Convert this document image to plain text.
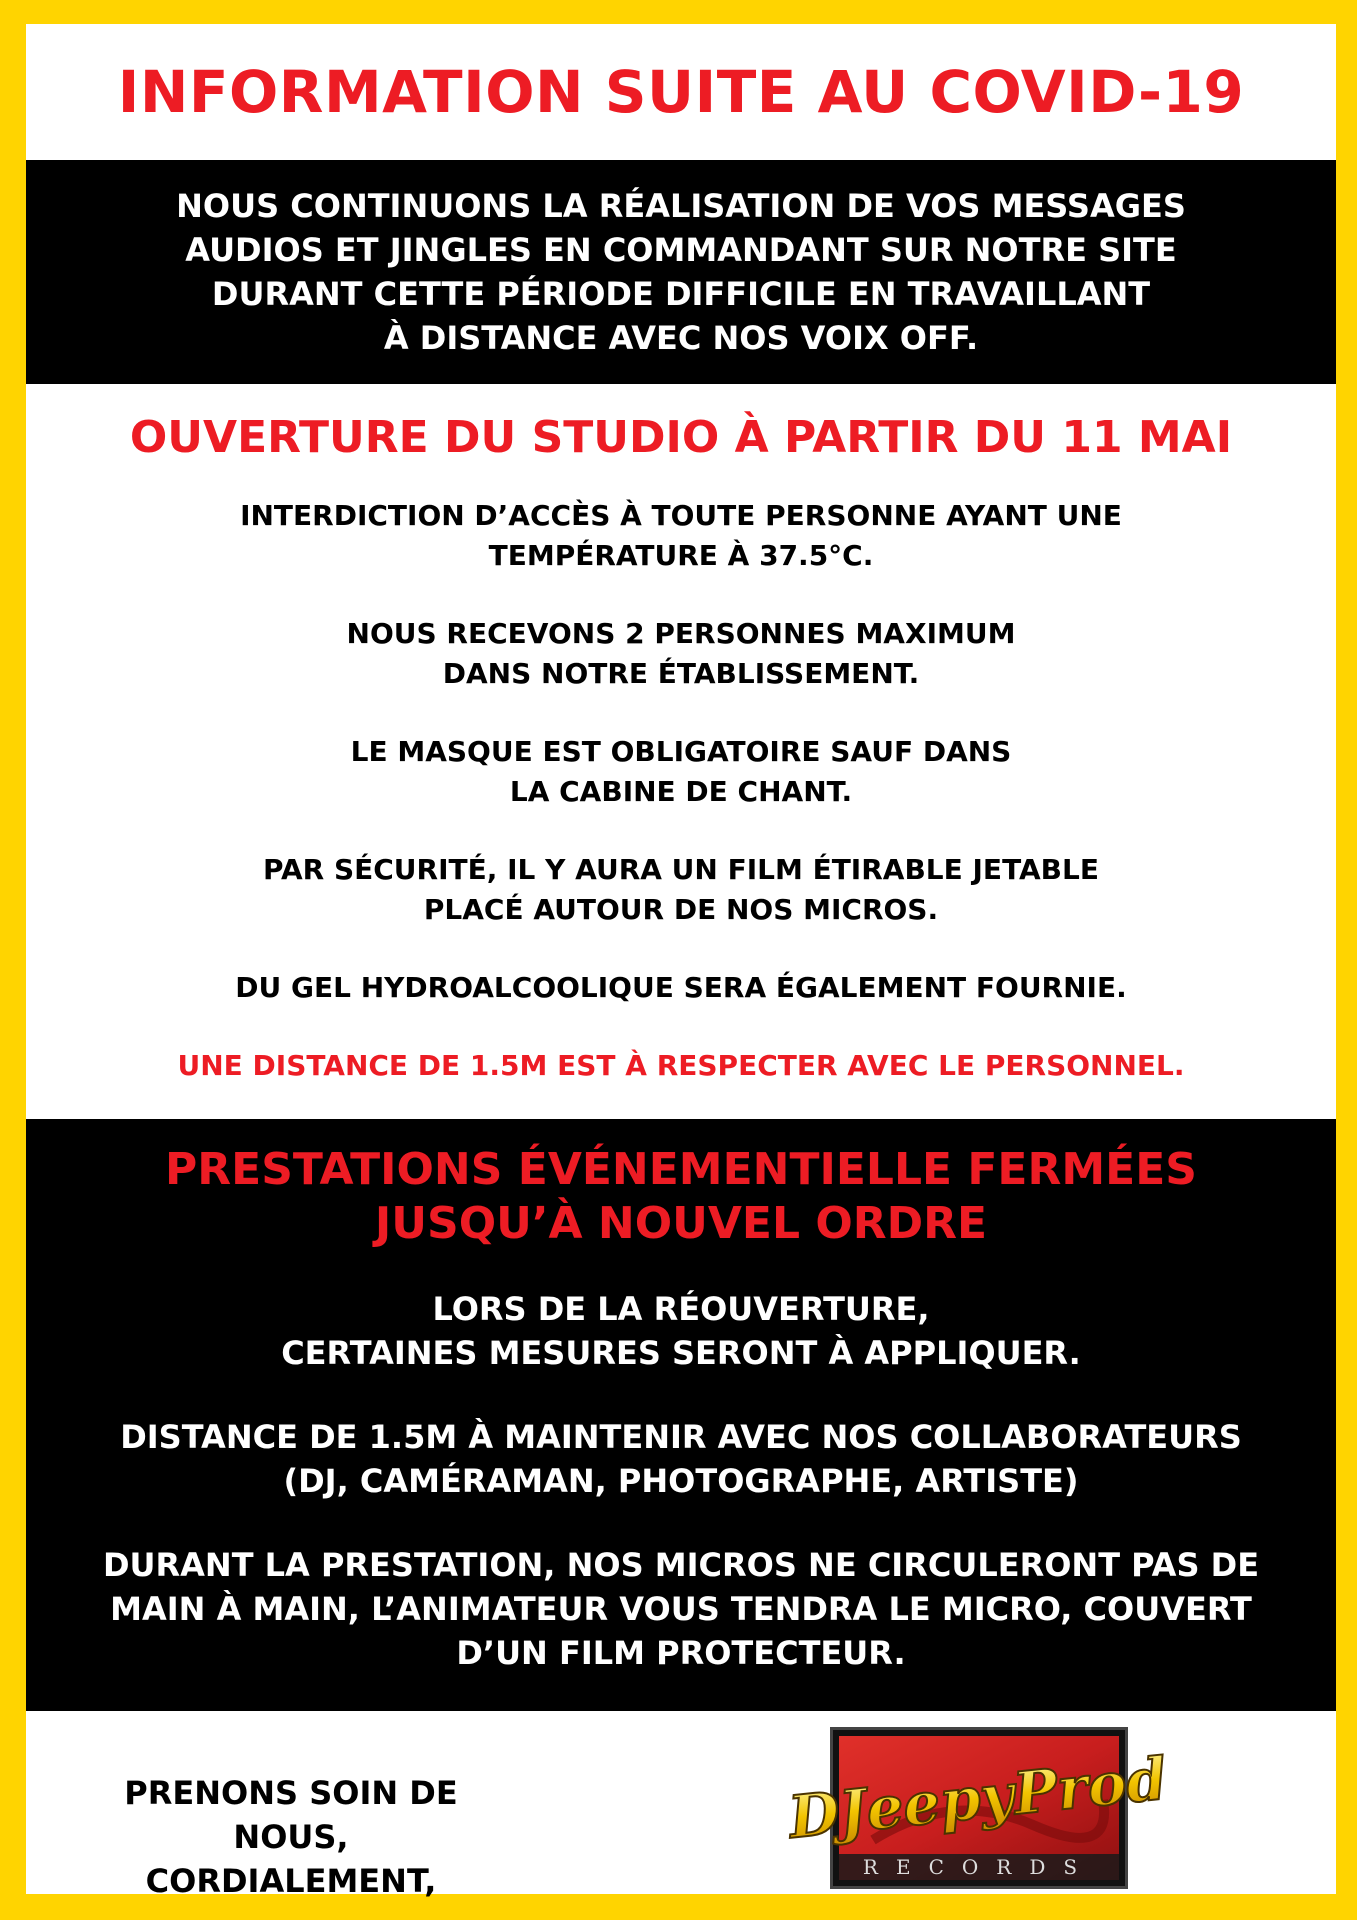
INFORMATION SUITE AU COVID-19
NOUS CONTINUONS LA RÉALISATION DE VOS MESSAGES
AUDIOS ET JINGLES EN COMMANDANT SUR NOTRE SITE
DURANT CETTE PÉRIODE DIFFICILE EN TRAVAILLANT
À DISTANCE AVEC NOS VOIX OFF.
OUVERTURE DU STUDIO À PARTIR DU 11 MAI
INTERDICTION D’ACCÈS À TOUTE PERSONNE AYANT UNE
TEMPÉRATURE À 37.5°C.
NOUS RECEVONS 2 PERSONNES MAXIMUM
DANS NOTRE ÉTABLISSEMENT.
LE MASQUE EST OBLIGATOIRE SAUF DANS
LA CABINE DE CHANT.
PAR SÉCURITÉ, IL Y AURA UN FILM ÉTIRABLE JETABLE
PLACÉ AUTOUR DE NOS MICROS.
DU GEL HYDROALCOOLIQUE SERA ÉGALEMENT FOURNIE.
UNE DISTANCE DE 1.5M EST À RESPECTER AVEC LE PERSONNEL.
PRESTATIONS ÉVÉNEMENTIELLE FERMÉES
JUSQU’À NOUVEL ORDRE
LORS DE LA RÉOUVERTURE,
CERTAINES MESURES SERONT À APPLIQUER.
DISTANCE DE 1.5M À MAINTENIR AVEC NOS COLLABORATEURS
(DJ, CAMÉRAMAN, PHOTOGRAPHE, ARTISTE)
DURANT LA PRESTATION, NOS MICROS NE CIRCULERONT PAS DE
MAIN À MAIN, L’ANIMATEUR VOUS TENDRA LE MICRO, COUVERT
D’UN FILM PROTECTEUR.
PRENONS SOIN DE NOUS,
CORDIALEMENT,
DJeepyProd
RECORDS
